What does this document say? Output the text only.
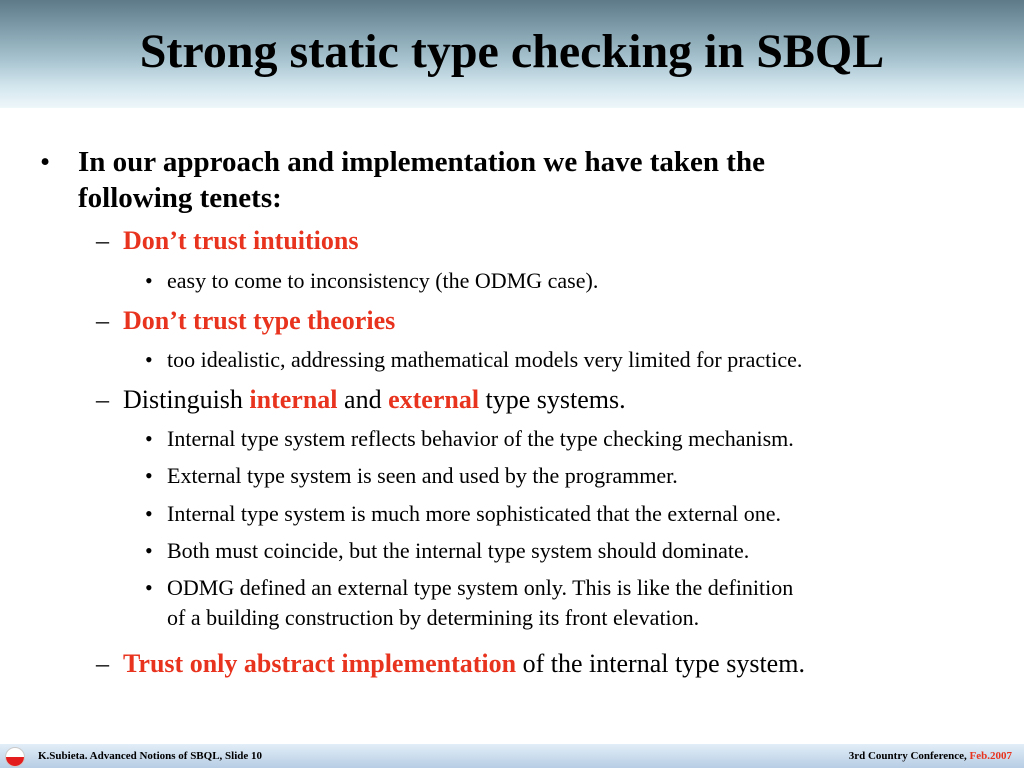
Strong static type checking in SBQL
• In our approach and implementation we have taken the
following tenets:
– Don’t trust intuitions
• easy to come to inconsistency (the ODMG case).
– Don’t trust type theories
• too idealistic, addressing mathematical models very limited for practice.
– Distinguish internal and external type systems.
• Internal type system reflects behavior of the type checking mechanism.
• External type system is seen and used by the programmer.
• Internal type system is much more sophisticated that the external one.
• Both must coincide, but the internal type system should dominate.
• ODMG defined an external type system only. This is like the definition
of a building construction by determining its front elevation.
– Trust only abstract implementation of the internal type system.
K.Subieta. Advanced Notions of SBQL, Slide 10	3rd Country Conference, Feb.2007
